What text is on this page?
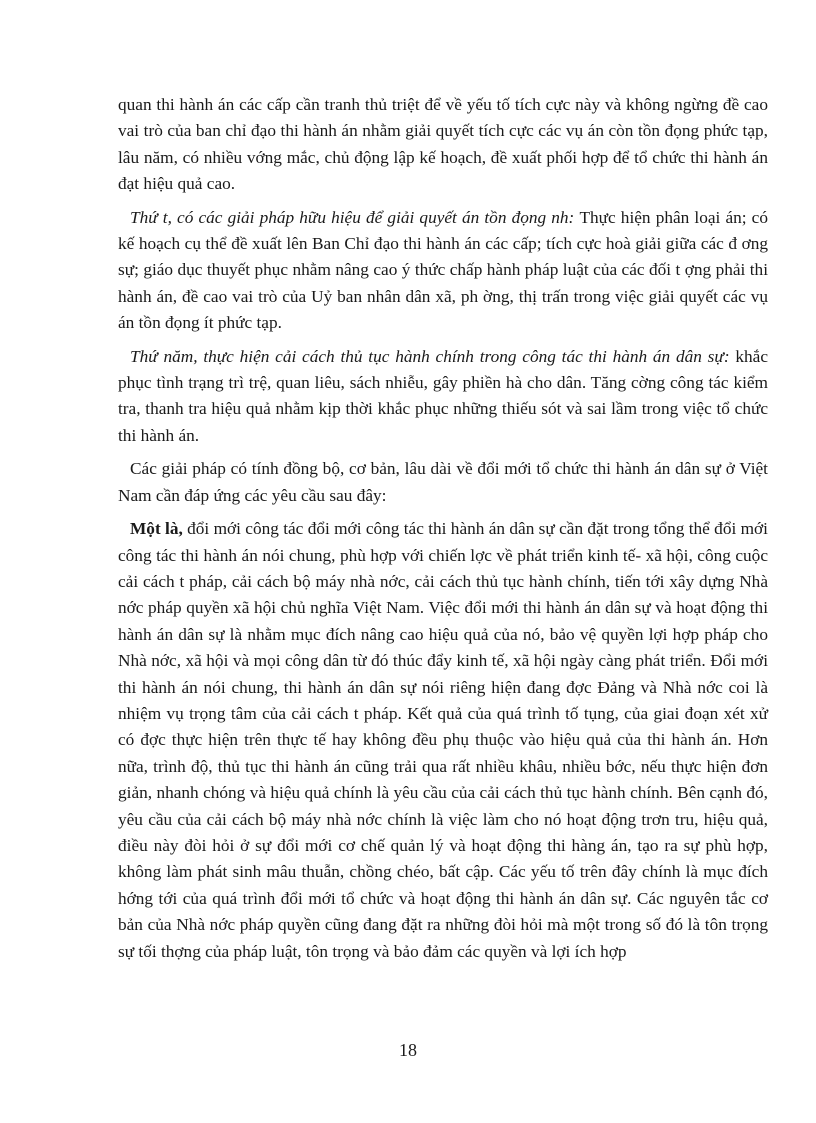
quan thi hành án các cấp cần tranh thủ triệt để về yếu tố tích cực này và không ngừng đề cao vai trò của ban chỉ đạo thi hành án nhằm giải quyết tích cực các vụ án còn tồn đọng phức tạp, lâu năm, có nhiều vớng mắc, chủ động lập kế hoạch, đề xuất phối hợp để tổ chức thi hành án đạt hiệu quả cao.

Thứ t, có các giải pháp hữu hiệu để giải quyết án tồn đọng nh: Thực hiện phân loại án; có kế hoạch cụ thể đề xuất lên Ban Chỉ đạo thi hành án các cấp; tích cực hoà giải giữa các đ ơng sự; giáo dục thuyết phục nhằm nâng cao ý thức chấp hành pháp luật của các đối t ợng phải thi hành án, đề cao vai trò của Uỷ ban nhân dân xã, ph ờng, thị trấn trong việc giải quyết các vụ án tồn đọng ít phức tạp.

Thứ năm, thực hiện cải cách thủ tục hành chính trong công tác thi hành án dân sự: khắc phục tình trạng trì trệ, quan liêu, sách nhiễu, gây phiền hà cho dân. Tăng cờng công tác kiểm tra, thanh tra hiệu quả nhằm kịp thời khắc phục những thiếu sót và sai lầm trong việc tổ chức thi hành án.

Các giải pháp có tính đồng bộ, cơ bản, lâu dài về đổi mới tổ chức thi hành án dân sự ở Việt Nam cần đáp ứng các yêu cầu sau đây:

Một là, đổi mới công tác đổi mới công tác thi hành án dân sự cần đặt trong tổng thể đổi mới công tác thi hành án nói chung, phù hợp với chiến lợc về phát triển kinh tế- xã hội, công cuộc cải cách t pháp, cải cách bộ máy nhà nớc, cải cách thủ tục hành chính, tiến tới xây dựng Nhà nớc pháp quyền xã hội chủ nghĩa Việt Nam. Việc đổi mới thi hành án dân sự và hoạt động thi hành án dân sự là nhằm mục đích nâng cao hiệu quả của nó, bảo vệ quyền lợi hợp pháp cho Nhà nớc, xã hội và mọi công dân từ đó thúc đẩy kinh tế, xã hội ngày càng phát triển. Đổi mới thi hành án nói chung, thi hành án dân sự nói riêng hiện đang đợc Đảng và Nhà nớc coi là nhiệm vụ trọng tâm của cải cách t pháp. Kết quả của quá trình tố tụng, của giai đoạn xét xử có đợc thực hiện trên thực tế hay không đều phụ thuộc vào hiệu quả của thi hành án. Hơn nữa, trình độ, thủ tục thi hành án cũng trải qua rất nhiều khâu, nhiều bớc, nếu thực hiện đơn giản, nhanh chóng và hiệu quả chính là yêu cầu của cải cách thủ tục hành chính. Bên cạnh đó, yêu cầu của cải cách bộ máy nhà nớc chính là việc làm cho nó hoạt động trơn tru, hiệu quả, điều này đòi hỏi ở sự đổi mới cơ chế quản lý và hoạt động thi hàng án, tạo ra sự phù hợp, không làm phát sinh mâu thuẫn, chồng chéo, bất cập. Các yếu tố trên đây chính là mục đích hớng tới của quá trình đổi mới tổ chức và hoạt động thi hành án dân sự. Các nguyên tắc cơ bản của Nhà nớc pháp quyền cũng đang đặt ra những đòi hỏi mà một trong số đó là tôn trọng sự tối thợng của pháp luật, tôn trọng và bảo đảm các quyền và lợi ích hợp

18
